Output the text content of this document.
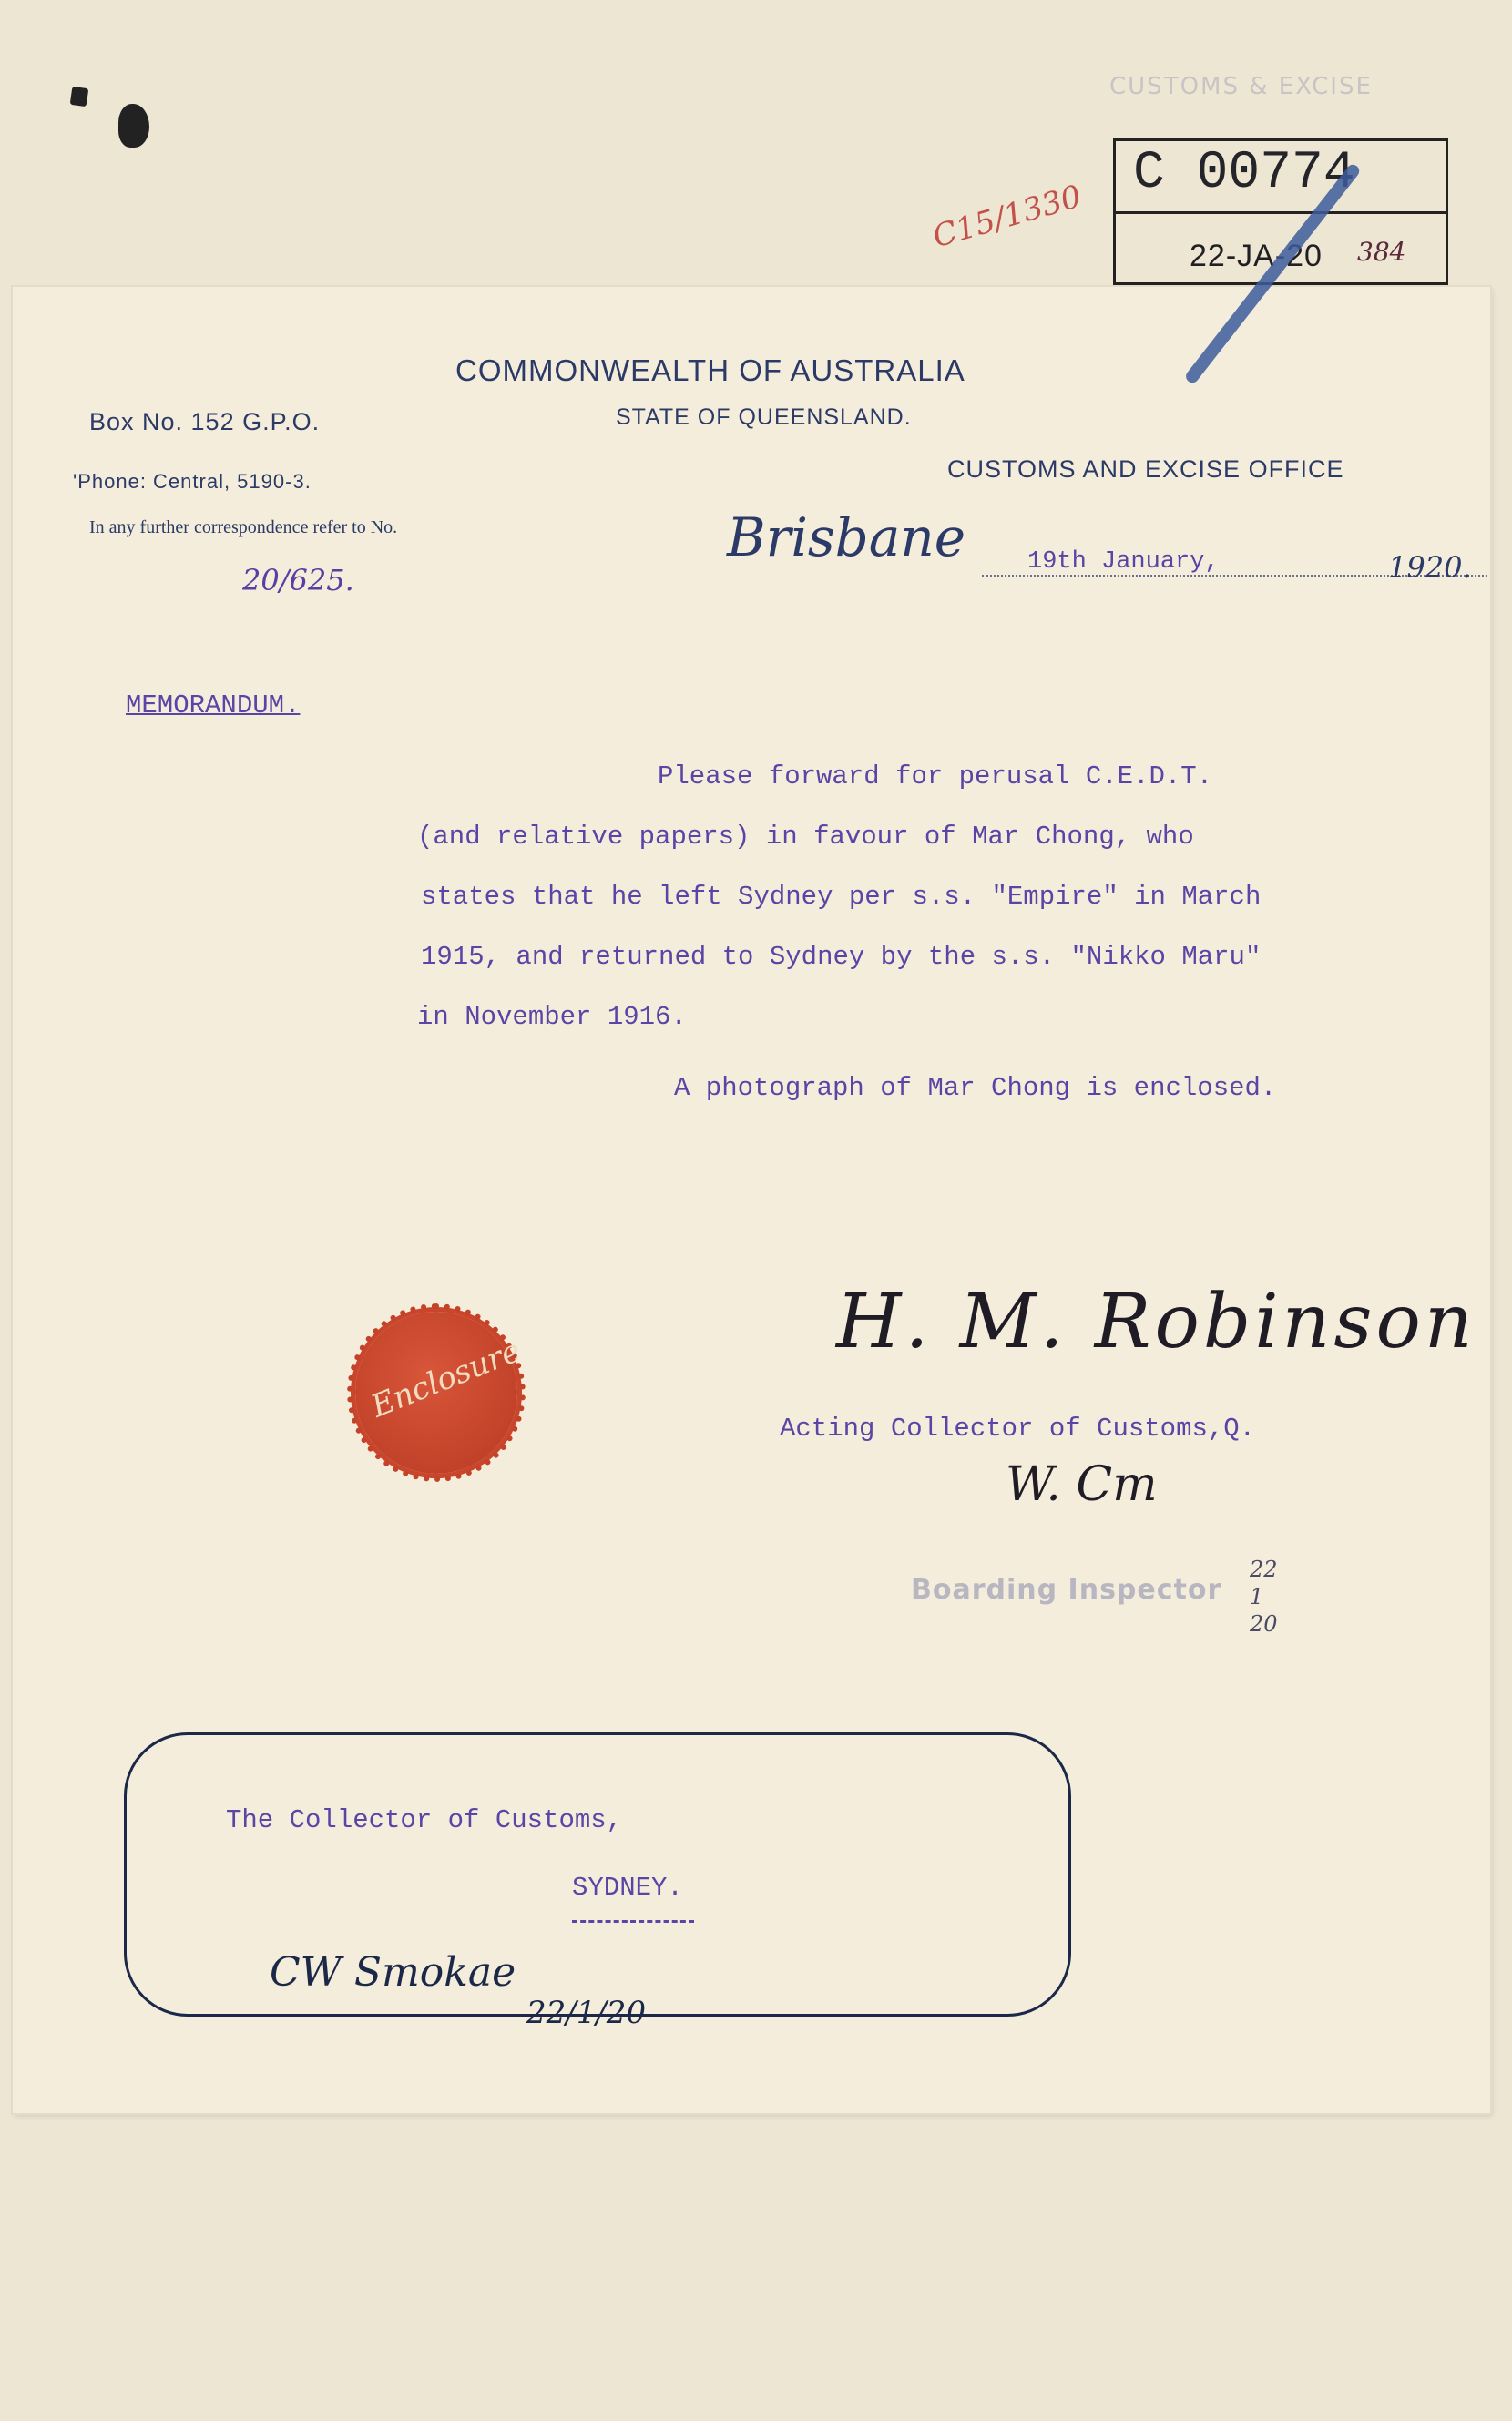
CUSTOMS & EXCISE
C 00774
22-JA-20 384
C15/1330
COMMONWEALTH OF AUSTRALIA
STATE OF QUEENSLAND.
CUSTOMS AND EXCISE OFFICE
Box No. 152 G.P.O.
'Phone: Central, 5190-3.
In any further correspondence refer to No.
20/625.
Brisbane	19th January,	1920.
MEMORANDUM.
Please forward for perusal C.E.D.T.
(and relative papers) in favour of Mar Chong, who
states that he left Sydney per s.s. "Empire" in March
1915, and returned to Sydney by the s.s. "Nikko Maru"
in November 1916.
A photograph of Mar Chong is enclosed.
Enclosure
H. M. Robinson
Acting Collector of Customs,Q.
W. Cm
Boarding Inspector
22
1
20
The Collector of Customs,
SYDNEY.
CW Smokae
22/1/20
